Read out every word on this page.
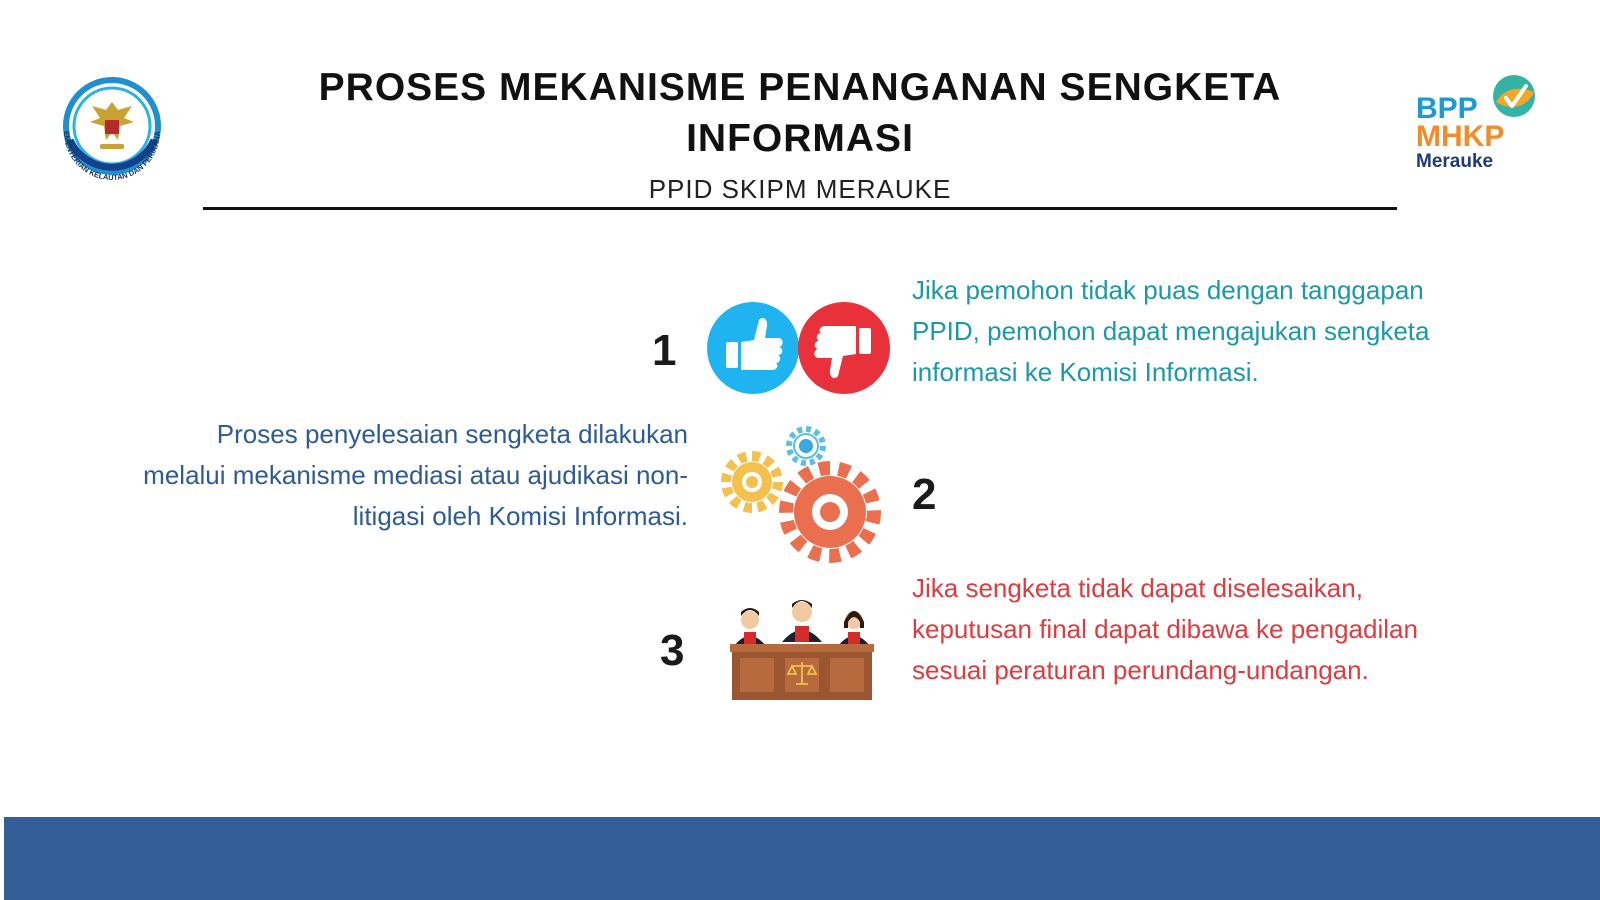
PROSES MEKANISME PENANGANAN SENGKETA INFORMASI
PPID SKIPM MERAUKE
EMENTERIAN KELAUTAN DAN PERIKANA
BPP
MHKP
Merauke
1

Jika pemohon tidak puas dengan tanggapan PPID, pemohon dapat mengajukan sengketa informasi ke Komisi Informasi.

Proses penyelesaian sengketa dilakukan melalui mekanisme mediasi atau ajudikasi non-litigasi oleh Komisi Informasi.	2
3

Jika sengketa tidak dapat diselesaikan, keputusan final dapat dibawa ke pengadilan sesuai peraturan perundang-undangan.
